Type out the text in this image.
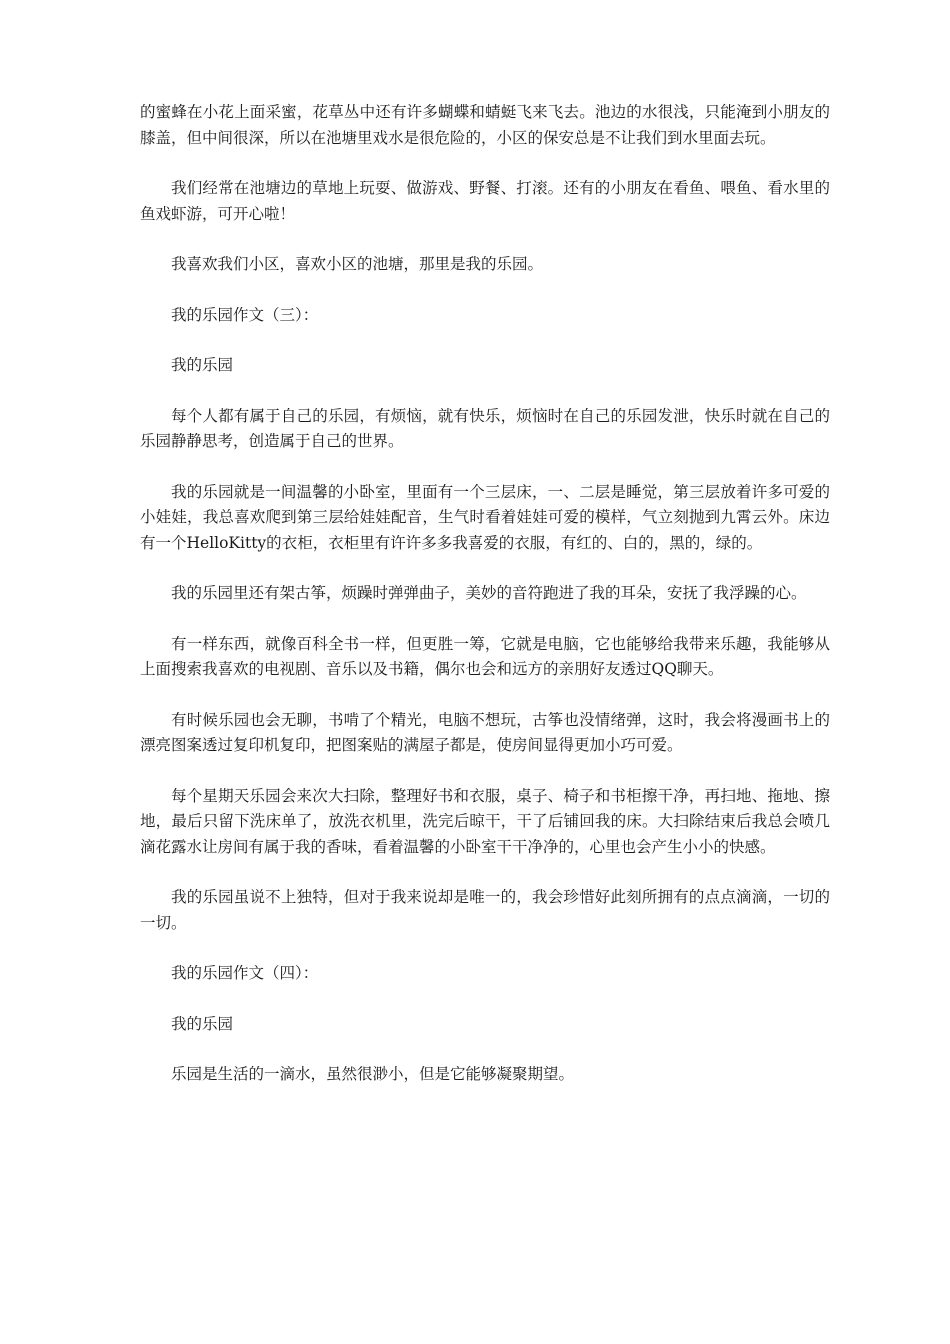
的蜜蜂在小花上面采蜜，花草丛中还有许多蝴蝶和蜻蜓飞来飞去。池边的水很浅，只能淹到小朋友的膝盖，但中间很深，所以在池塘里戏水是很危险的，小区的保安总是不让我们到水里面去玩。

我们经常在池塘边的草地上玩耍、做游戏、野餐、打滚。还有的小朋友在看鱼、喂鱼、看水里的鱼戏虾游，可开心啦！

我喜欢我们小区，喜欢小区的池塘，那里是我的乐园。

我的乐园作文（三）：

我的乐园

每个人都有属于自己的乐园，有烦恼，就有快乐，烦恼时在自己的乐园发泄，快乐时就在自己的乐园静静思考，创造属于自己的世界。

我的乐园就是一间温馨的小卧室，里面有一个三层床，一、二层是睡觉，第三层放着许多可爱的小娃娃，我总喜欢爬到第三层给娃娃配音，生气时看着娃娃可爱的模样，气立刻抛到九霄云外。床边有一个HelloKitty的衣柜，衣柜里有许许多多我喜爱的衣服，有红的、白的，黑的，绿的。

我的乐园里还有架古筝，烦躁时弹弹曲子，美妙的音符跑进了我的耳朵，安抚了我浮躁的心。

有一样东西，就像百科全书一样，但更胜一筹，它就是电脑，它也能够给我带来乐趣，我能够从上面搜索我喜欢的电视剧、音乐以及书籍，偶尔也会和远方的亲朋好友透过QQ聊天。

有时候乐园也会无聊，书啃了个精光，电脑不想玩，古筝也没情绪弹，这时，我会将漫画书上的漂亮图案透过复印机复印，把图案贴的满屋子都是，使房间显得更加小巧可爱。

每个星期天乐园会来次大扫除，整理好书和衣服，桌子、椅子和书柜擦干净，再扫地、拖地、擦地，最后只留下洗床单了，放洗衣机里，洗完后晾干，干了后铺回我的床。大扫除结束后我总会喷几滴花露水让房间有属于我的香味，看着温馨的小卧室干干净净的，心里也会产生小小的快感。

我的乐园虽说不上独特，但对于我来说却是唯一的，我会珍惜好此刻所拥有的点点滴滴，一切的一切。

我的乐园作文（四）：

我的乐园

乐园是生活的一滴水，虽然很渺小，但是它能够凝聚期望。
